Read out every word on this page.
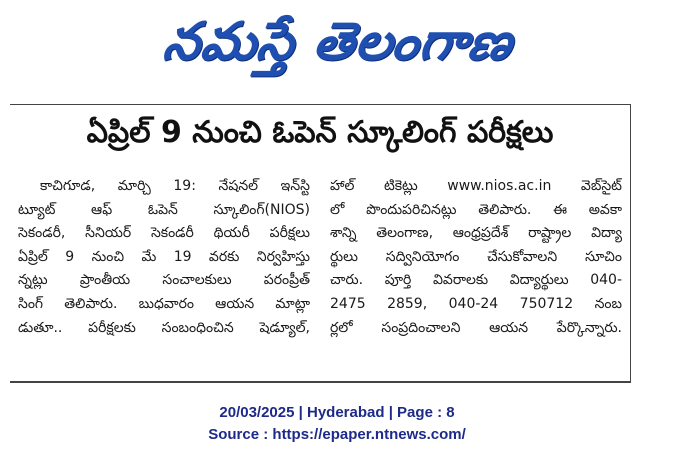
నమస్తే తెలంగాణ
ఏప్రిల్ 9 నుంచి ఓపెన్ స్కూలింగ్ పరీక్షలు
కాచిగూడ, మార్చి 19: నేషనల్ ఇన్‌స్టి
ట్యూట్ ఆఫ్ ఓపెన్ స్కూలింగ్(NIOS)
సెకండరీ, సీనియర్ సెకండరీ థియరీ పరీక్షలు
ఏప్రిల్ 9 నుంచి మే 19 వరకు నిర్వహిస్తు
న్నట్లు ప్రాంతీయ సంచాలకులు పరంప్రీత్
సింగ్ తెలిపారు. బుధవారం ఆయన మాట్లా
డుతూ.. పరీక్షలకు సంబంధించిన షెడ్యూల్,
హాల్ టికెట్లు www.nios.ac.in వెబ్‌సైట్
లో పొందుపరిచినట్లు తెలిపారు. ఈ అవకా
శాన్ని తెలంగాణ, ఆంధ్రప్రదేశ్ రాష్ట్రాల విద్యా
ర్థులు సద్వినియోగం చేసుకోవాలని సూచిం
చారు. పూర్తి వివరాలకు విద్యార్థులు 040-
2475 2859, 040-24 750712 నంబ
ర్లలో సంప్రదించాలని ఆయన పేర్కొన్నారు.
20/03/2025 | Hyderabad | Page : 8
Source : https://epaper.ntnews.com/
